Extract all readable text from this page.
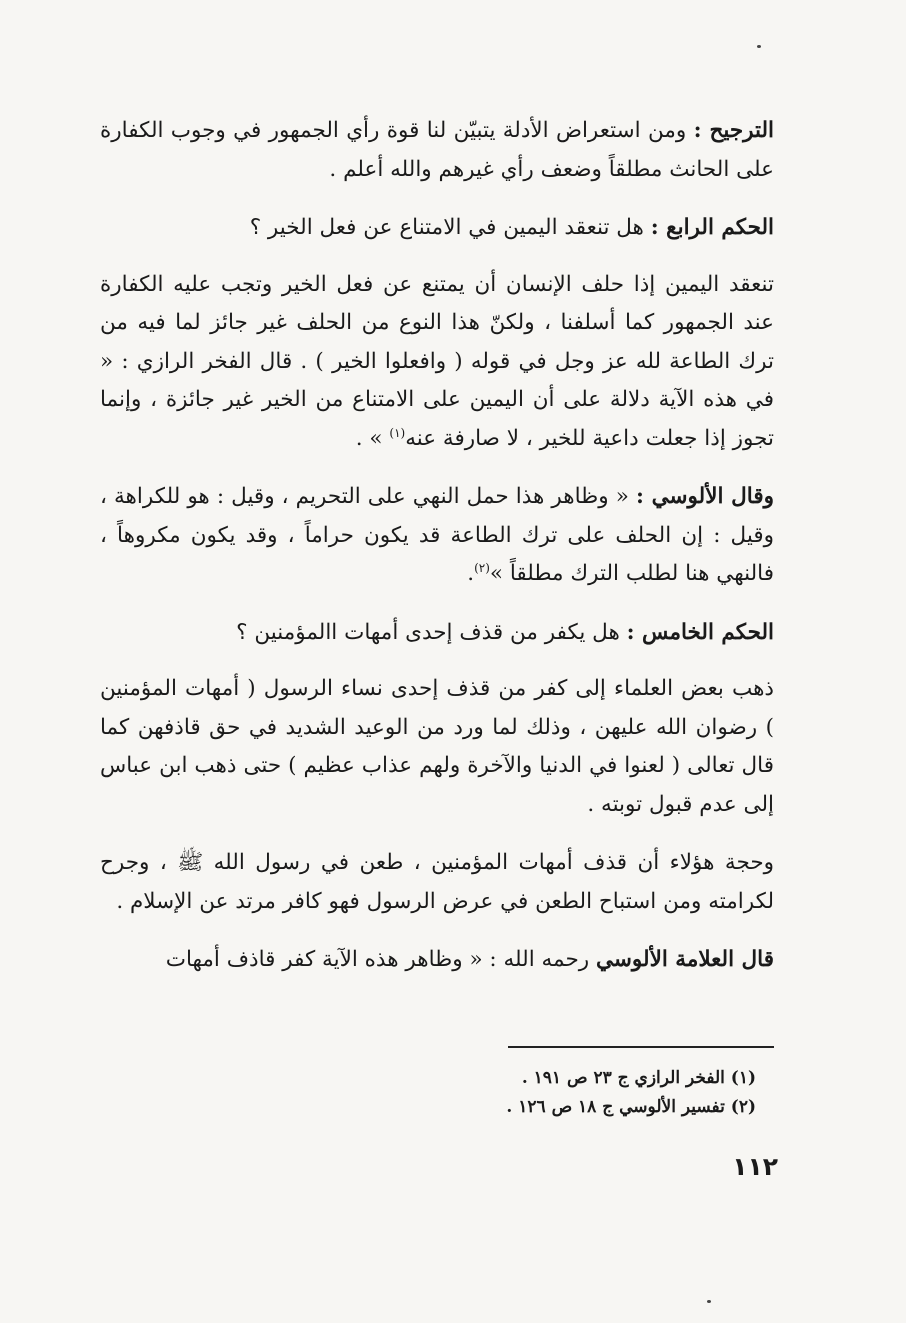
الترجيح : ومن استعراض الأدلة يتبيّن لنا قوة رأي الجمهور في وجوب الكفارة على الحانث مطلقاً وضعف رأي غيرهم والله أعلم .

الحكم الرابع : هل تنعقد اليمين في الامتناع عن فعل الخير ؟

تنعقد اليمين إذا حلف الإنسان أن يمتنع عن فعل الخير وتجب عليه الكفارة عند الجمهور كما أسلفنا ، ولكنّ هذا النوع من الحلف غير جائز لما فيه من ترك الطاعة لله عز وجل في قوله ( وافعلوا الخير ) . قال الفخر الرازي : « في هذه الآية دلالة على أن اليمين على الامتناع من الخير غير جائزة ، وإنما تجوز إذا جعلت داعية للخير ، لا صارفة عنه$^{(١)}$ » .

وقال الألوسي : « وظاهر هذا حمل النهي على التحريم ، وقيل : هو للكراهة ، وقيل : إن الحلف على ترك الطاعة قد يكون حراماً ، وقد يكون مكروهاً ، فالنهي هنا لطلب الترك مطلقاً »$^{(٢)}$.

الحكم الخامس : هل يكفر من قذف إحدى أمهات االمؤمنين ؟

ذهب بعض العلماء إلى كفر من قذف إحدى نساء الرسول ( أمهات المؤمنين ) رضوان الله عليهن ، وذلك لما ورد من الوعيد الشديد في حق قاذفهن كما قال تعالى ( لعنوا في الدنيا والآخرة ولهم عذاب عظيم ) حتى ذهب ابن عباس إلى عدم قبول توبته .

وحجة هؤلاء أن قذف أمهات المؤمنين ، طعن في رسول الله ﷺ ، وجرح لكرامته ومن استباح الطعن في عرض الرسول فهو كافر مرتد عن الإسلام .

قال العلامة الألوسي رحمه الله : « وظاهر هذه الآية كفر قاذف أمهات

(١) الفخر الرازي ج ٢٣ ص ١٩١ .
(٢) تفسير الألوسي ج ١٨ ص ١٢٦ .
١١٢
